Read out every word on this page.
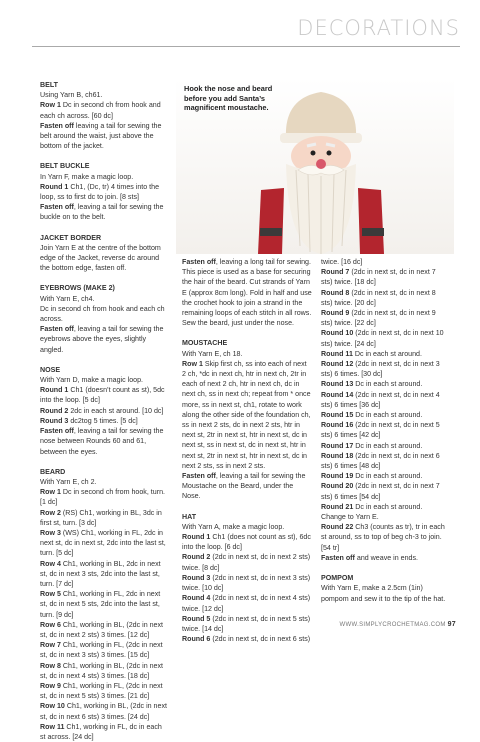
DECORATIONS

BELT

Using Yarn B, ch61.

Row 1 Dc in second ch from hook and each ch across. [60 dc]

Fasten off leaving a tail for sewing the belt around the waist, just above the bottom of the jacket.

BELT BUCKLE

In Yarn F, make a magic loop.

Round 1 Ch1, (Dc, tr) 4 times into the loop, ss to first dc to join. [8 sts]

Fasten off, leaving a tail for sewing the buckle on to the belt.

JACKET BORDER

Join Yarn E at the centre of the bottom edge of the Jacket, reverse dc around the bottom edge, fasten off.

EYEBROWS (MAKE 2)

With Yarn E, ch4.

Dc in second ch from hook and each ch across.

Fasten off, leaving a tail for sewing the eyebrows above the eyes, slightly angled.

NOSE

With Yarn D, make a magic loop.

Round 1 Ch1 (doesn’t count as st), 5dc into the loop. [5 dc]

Round 2 2dc in each st around. [10 dc]

Round 3 dc2tog 5 times. [5 dc]

Fasten off, leaving a tail for sewing the nose between Rounds 60 and 61, between the eyes.

BEARD

With Yarn E, ch 2.

Row 1 Dc in second ch from hook, turn. [1 dc]

Row 2 (RS) Ch1, working in BL, 3dc in first st, turn. [3 dc]

Row 3 (WS) Ch1, working in FL, 2dc in next st, dc in next st, 2dc into the last st, turn. [5 dc]

Row 4 Ch1, working in BL, 2dc in next st, dc in next 3 sts, 2dc into the last st, turn. [7 dc]

Row 5 Ch1, working in FL, 2dc in next st, dc in next 5 sts, 2dc into the last st, turn. [9 dc]

Row 6 Ch1, working in BL, (2dc in next st, dc in next 2 sts) 3 times. [12 dc]

Row 7 Ch1, working in FL, (2dc in next st, dc in next 3 sts) 3 times. [15 dc]

Row 8 Ch1, working in BL, (2dc in next st, dc in next 4 sts) 3 times. [18 dc]

Row 9 Ch1, working in FL, (2dc in next st, dc in next 5 sts) 3 times. [21 dc]

Row 10 Ch1, working in BL, (2dc in next st, dc in next 6 sts) 3 times. [24 dc]

Row 11 Ch1, working in FL, dc in each st across. [24 dc]

Hook the nose and beard before you add Santa’s magnificent moustache.

Fasten off, leaving a long tail for sewing. This piece is used as a base for securing the hair of the beard. Cut strands of Yarn E (approx 8cm long). Fold in half and use the crochet hook to join a strand in the remaining loops of each stitch in all rows. Sew the beard, just under the nose.

MOUSTACHE

With Yarn E, ch 18.

Row 1 Skip first ch, ss into each of next 2 ch, *dc in next ch, htr in next ch, 2tr in each of next 2 ch, htr in next ch, dc in next ch, ss in next ch; repeat from * once more, ss in next st, ch1, rotate to work along the other side of the foundation ch, ss in next 2 sts, dc in next 2 sts, htr in next st, 2tr in next st, htr in next st, dc in next st, ss in next st, dc in next st, htr in next st, 2tr in next st, htr in next st, dc in next 2 sts, ss in next 2 sts.

Fasten off, leaving a tail for sewing the Moustache on the Beard, under the Nose.

HAT

With Yarn A, make a magic loop.

Round 1 Ch1 (does not count as st), 6dc into the loop. [6 dc]

Round 2 (2dc in next st, dc in next 2 sts) twice. [8 dc]

Round 3 (2dc in next st, dc in next 3 sts) twice. [10 dc]

Round 4 (2dc in next st, dc in next 4 sts) twice. [12 dc]

Round 5 (2dc in next st, dc in next 5 sts) twice. [14 dc]

Round 6 (2dc in next st, dc in next 6 sts)

twice. [16 dc]

Round 7 (2dc in next st, dc in next 7 sts) twice. [18 dc]

Round 8 (2dc in next st, dc in next 8 sts) twice. [20 dc]

Round 9 (2dc in next st, dc in next 9 sts) twice. [22 dc]

Round 10 (2dc in next st, dc in next 10 sts) twice. [24 dc]

Round 11 Dc in each st around.

Round 12 (2dc in next st, dc in next 3 sts) 6 times. [30 dc]

Round 13 Dc in each st around.

Round 14 (2dc in next st, dc in next 4 sts) 6 times [36 dc]

Round 15 Dc in each st around.

Round 16 (2dc in next st, dc in next 5 sts) 6 times [42 dc]

Round 17 Dc in each st around.

Round 18 (2dc in next st, dc in next 6 sts) 6 times [48 dc]

Round 19 Dc in each st around.

Round 20 (2dc in next st, dc in next 7 sts) 6 times [54 dc]

Round 21 Dc in each st around.

Change to Yarn E.

Round 22 Ch3 (counts as tr), tr in each st around, ss to top of beg ch-3 to join. [54 tr]

Fasten off and weave in ends.

POMPOM

With Yarn E, make a 2.5cm (1in) pompom and sew it to the tip of the hat.

WWW.SIMPLYCROCHETMAG.COM 97
